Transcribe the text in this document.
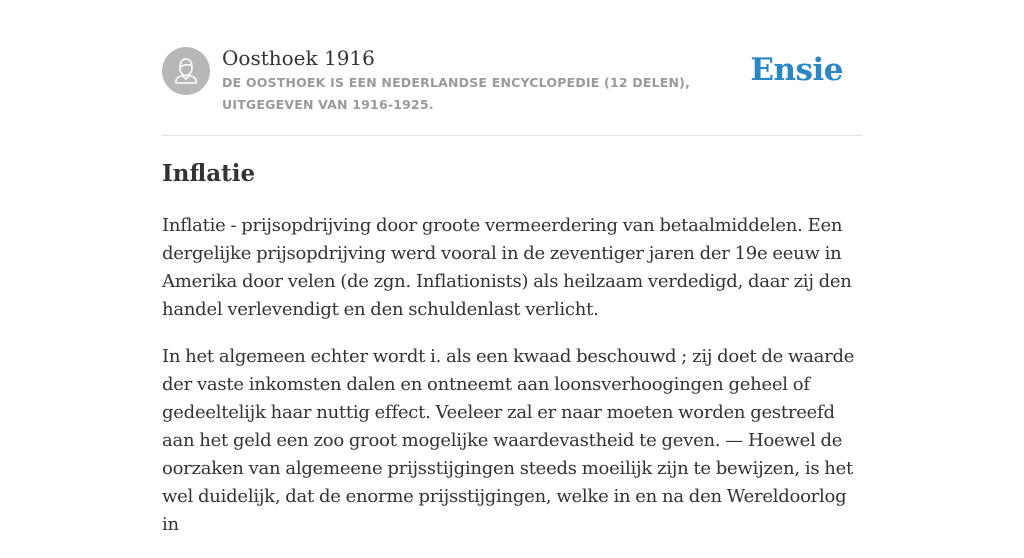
Oosthoek 1916
DE OOSTHOEK IS EEN NEDERLANDSE ENCYCLOPEDIE (12 DELEN), UITGEGEVEN VAN 1916-1925.
Ensie
Inflatie

Inflatie - prijsopdrijving door groote vermeerdering van betaalmiddelen. Een dergelijke prijsopdrijving werd vooral in de zeventiger jaren der 19e eeuw in Amerika door velen (de zgn. Inflationists) als heilzaam verdedigd, daar zij den handel verlevendigt en den schuldenlast verlicht.

In het algemeen echter wordt i. als een kwaad beschouwd ; zij doet de waarde der vaste inkomsten dalen en ontneemt aan loonsverhoogingen geheel of gedeeltelijk haar nuttig effect. Veeleer zal er naar moeten worden gestreefd aan het geld een zoo groot mogelijke waardevastheid te geven. — Hoewel de oorzaken van algemeene prijsstijgingen steeds moeilijk zijn te bewijzen, is het wel duidelijk, dat de enorme prijsstijgingen, welke in en na den Wereldoorlog in
